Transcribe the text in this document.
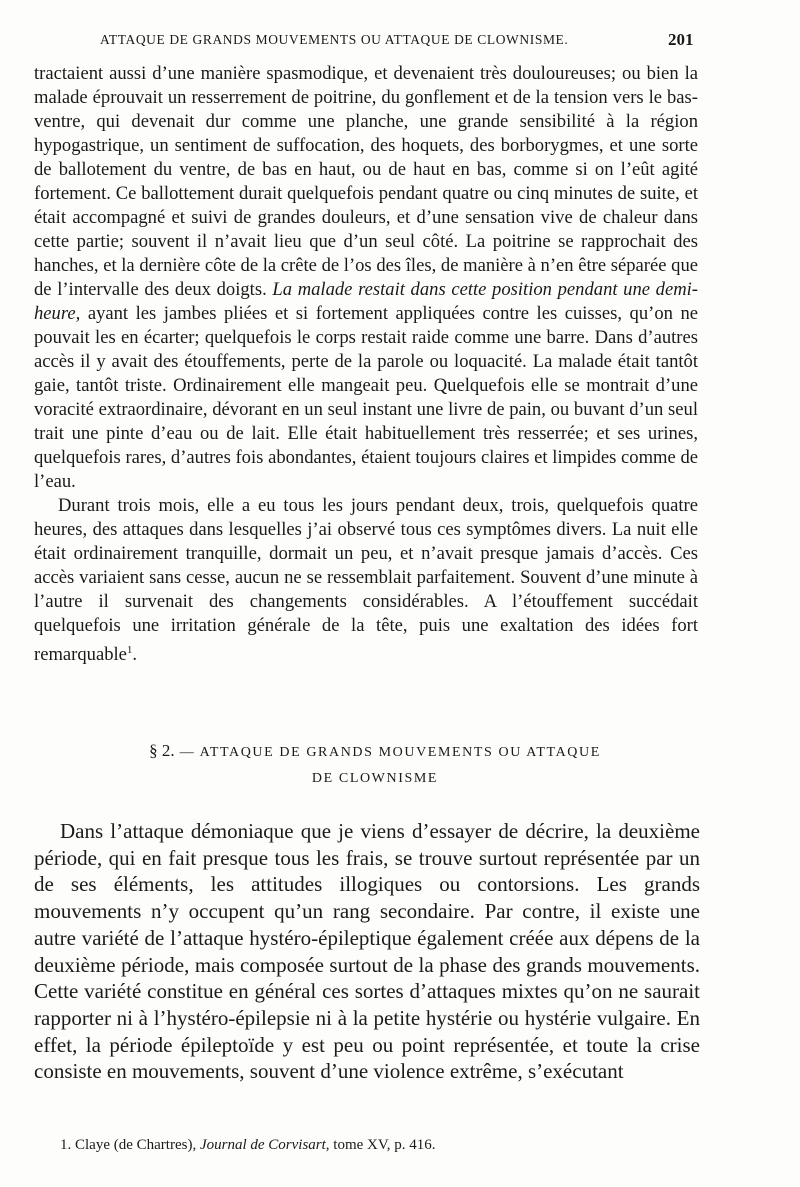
ATTAQUE DE GRANDS MOUVEMENTS OU ATTAQUE DE CLOWNISME.	201

tractaient aussi d’une manière spasmodique, et devenaient très douloureuses; ou bien la malade éprouvait un resserrement de poitrine, du gonflement et de la tension vers le bas-ventre, qui devenait dur comme une planche, une grande sensibilité à la région hypogastrique, un sentiment de suffocation, des hoquets, des borborygmes, et une sorte de ballotement du ventre, de bas en haut, ou de haut en bas, comme si on l’eût agité fortement. Ce ballottement durait quelquefois pendant quatre ou cinq minutes de suite, et était accompagné et suivi de grandes douleurs, et d’une sensation vive de chaleur dans cette partie; souvent il n’avait lieu que d’un seul côté. La poitrine se rapprochait des hanches, et la dernière côte de la crête de l’os des îles, de manière à n’en être séparée que de l’intervalle des deux doigts. La malade restait dans cette position pendant une demi-heure, ayant les jambes pliées et si fortement appliquées contre les cuisses, qu’on ne pouvait les en écarter; quelquefois le corps restait raide comme une barre. Dans d’autres accès il y avait des étouffements, perte de la parole ou loquacité. La malade était tantôt gaie, tantôt triste. Ordinairement elle mangeait peu. Quelquefois elle se montrait d’une voracité extraordinaire, dévorant en un seul instant une livre de pain, ou buvant d’un seul trait une pinte d’eau ou de lait. Elle était habituellement très resserrée; et ses urines, quelquefois rares, d’autres fois abondantes, étaient toujours claires et limpides comme de l’eau.

Durant trois mois, elle a eu tous les jours pendant deux, trois, quelquefois quatre heures, des attaques dans lesquelles j’ai observé tous ces symptômes divers. La nuit elle était ordinairement tranquille, dormait un peu, et n’avait presque jamais d’accès. Ces accès variaient sans cesse, aucun ne se ressemblait parfaitement. Souvent d’une minute à l’autre il survenait des changements considérables. A l’étouffement succédait quelquefois une irritation générale de la tête, puis une exaltation des idées fort remarquable$^1$.

§ 2. — ATTAQUE DE GRANDS MOUVEMENTS OU ATTAQUE
DE CLOWNISME

Dans l’attaque démoniaque que je viens d’essayer de décrire, la deuxième période, qui en fait presque tous les frais, se trouve surtout représentée par un de ses éléments, les attitudes illogiques ou contorsions. Les grands mouvements n’y occupent qu’un rang secondaire. Par contre, il existe une autre variété de l’attaque hystéro-épileptique également créée aux dépens de la deuxième période, mais composée surtout de la phase des grands mouvements. Cette variété constitue en général ces sortes d’attaques mixtes qu’on ne saurait rapporter ni à l’hystéro-épilepsie ni à la petite hystérie ou hystérie vulgaire. En effet, la période épileptoïde y est peu ou point représentée, et toute la crise consiste en mouvements, souvent d’une violence extrême, s’exécutant

1. Claye (de Chartres), Journal de Corvisart, tome XV, p. 416.
